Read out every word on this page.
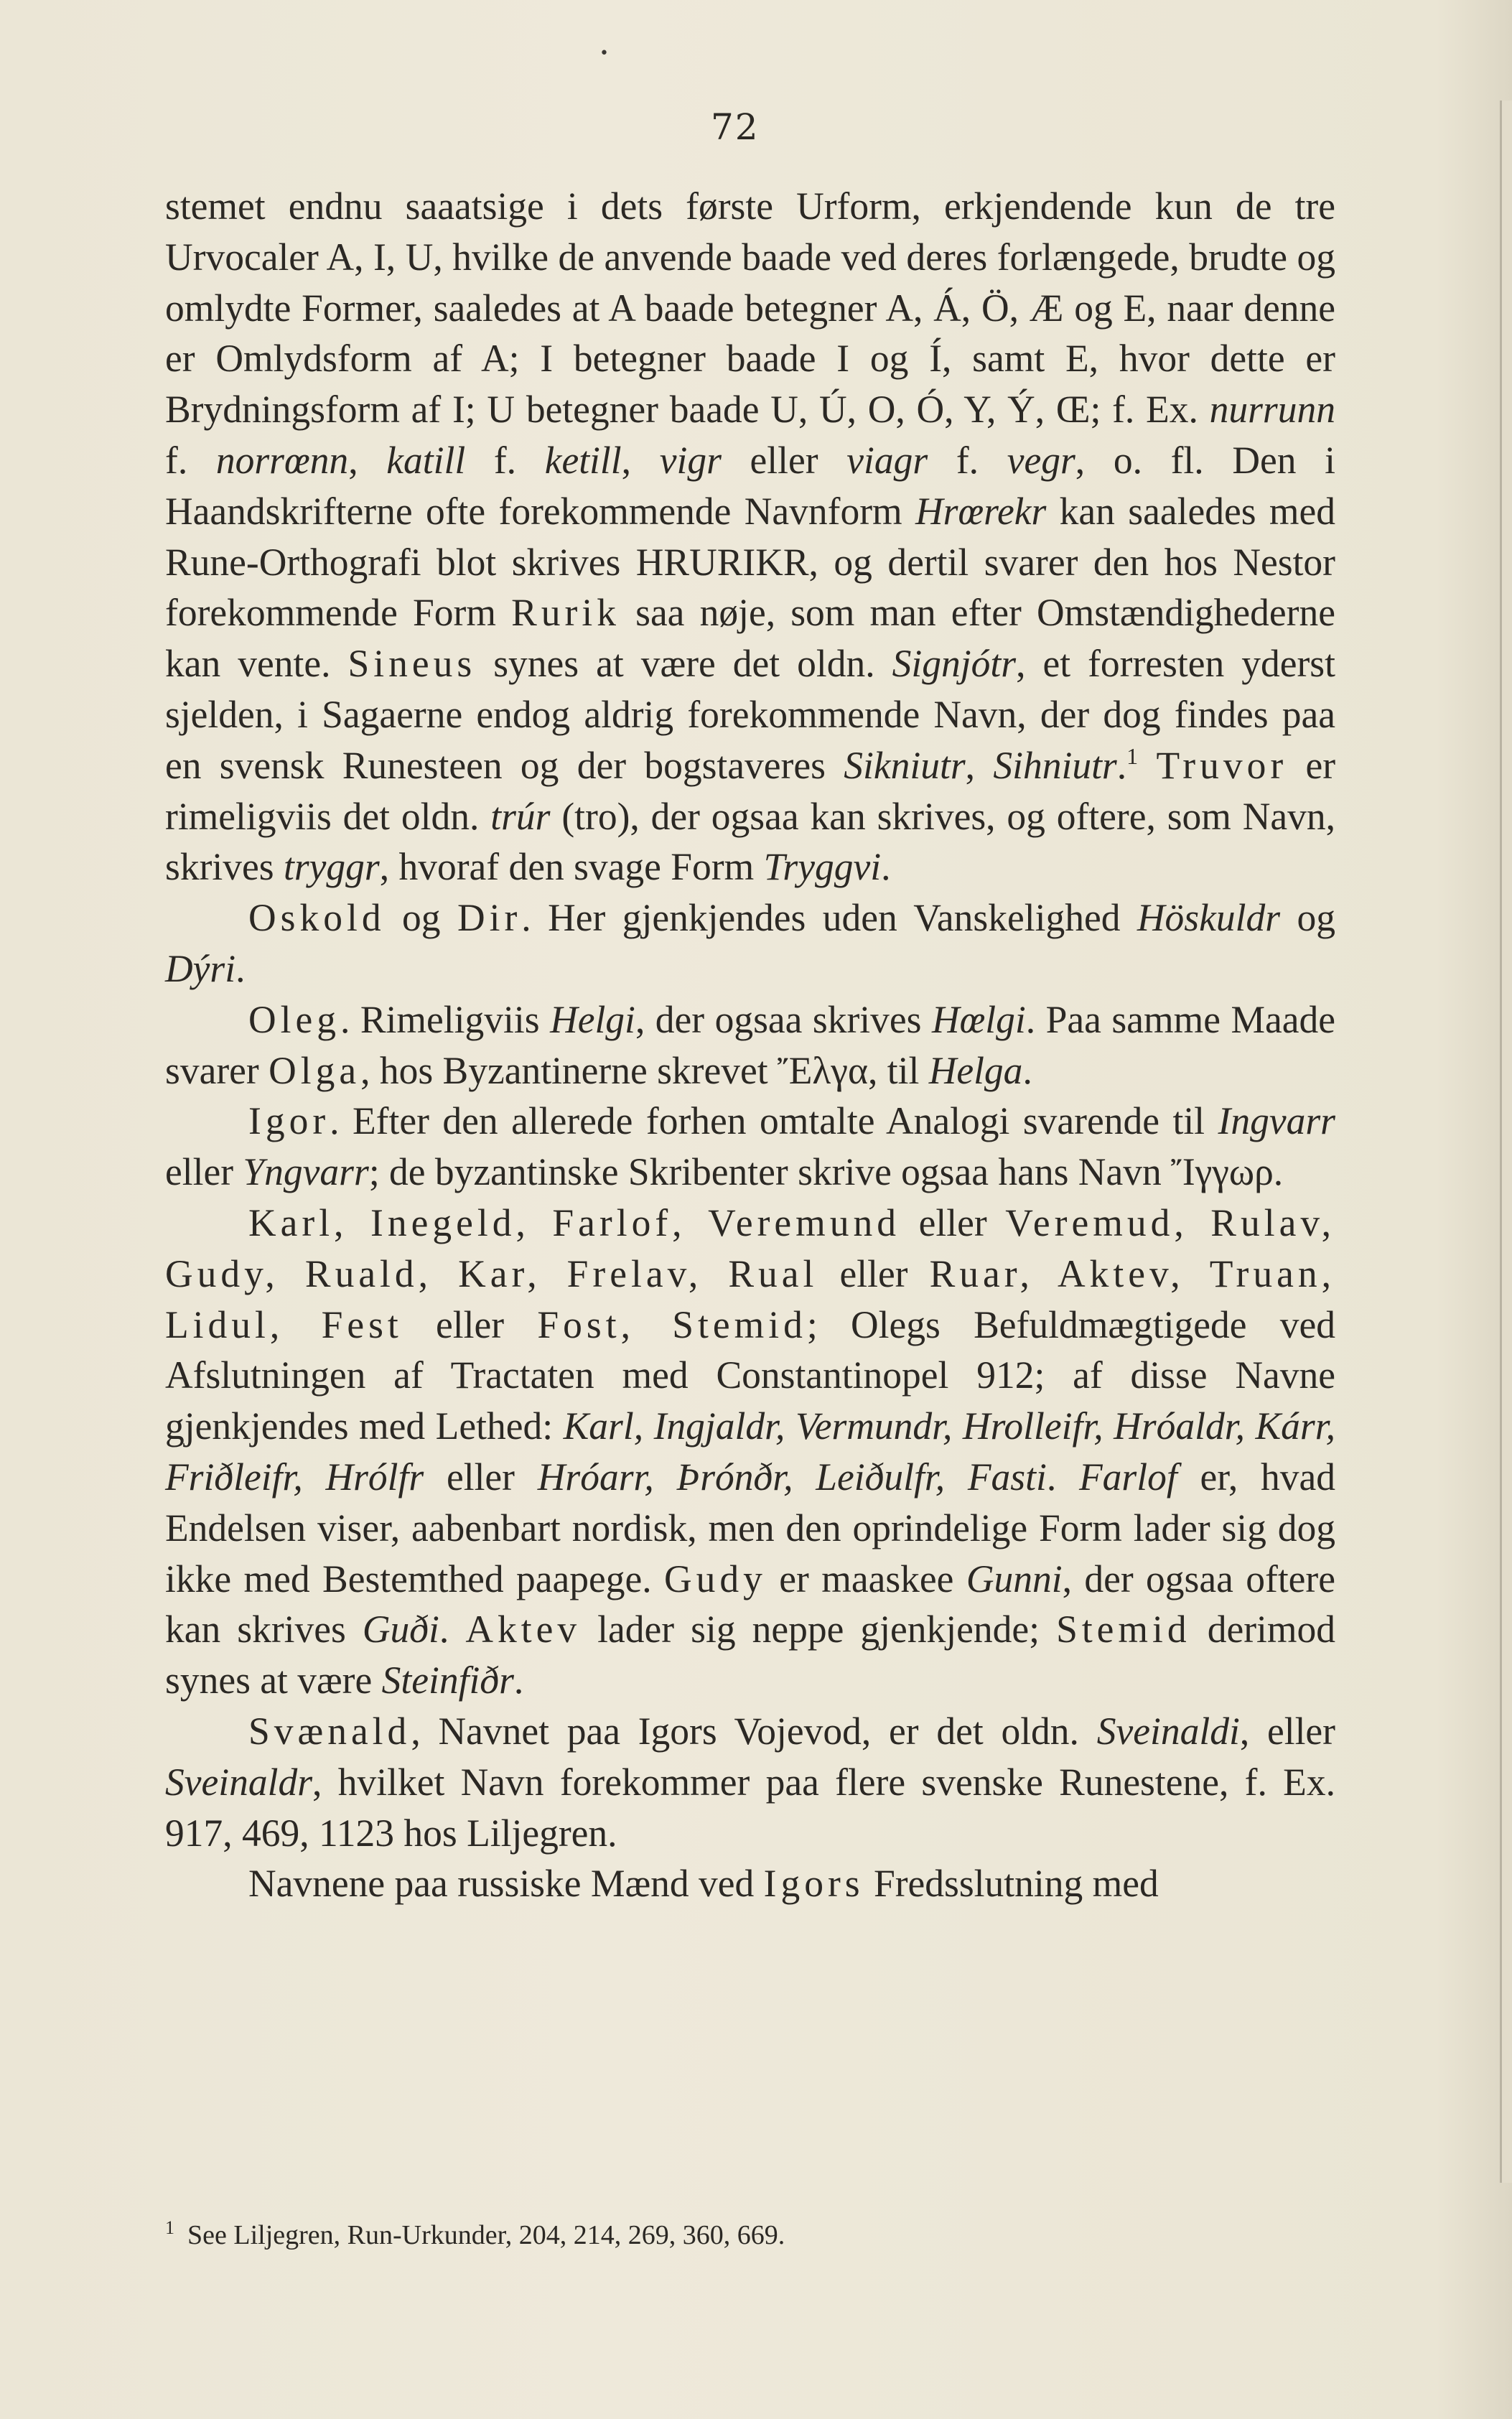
•
72

stemet endnu saaatsige i dets første Urform, erkjendende kun de tre Urvocaler A, I, U, hvilke de anvende baade ved deres forlængede, brudte og omlydte Former, saaledes at A baade betegner A, Á, Ö, Æ og E, naar denne er Omlydsform af A; I betegner baade I og Í, samt E, hvor dette er Brydningsform af I; U betegner baade U, Ú, O, Ó, Y, Ý, Œ; f. Ex. nurrunn f. norrœnn, katill f. ketill, vigr eller viagr f. vegr, o. fl. Den i Haandskrifterne ofte forekommende Navnform Hrœrekr kan saaledes med Rune-Orthografi blot skrives HRURIKR, og dertil svarer den hos Nestor forekommende Form Rurik saa nøje, som man efter Omstændighederne kan vente. Sineus synes at være det oldn. Signjótr, et forresten yderst sjelden, i Sagaerne endog aldrig forekommende Navn, der dog findes paa en svensk Runesteen og der bogstaveres Sikniutr, Sihniutr.$^1$ Truvor er rimeligviis det oldn. trúr (tro), der ogsaa kan skrives, og oftere, som Navn, skrives tryggr, hvoraf den svage Form Tryggvi.

Oskold og Dir. Her gjenkjendes uden Vanskelighed Höskuldr og Dýri.

Oleg. Rimeligviis Helgi, der ogsaa skrives Hœlgi. Paa samme Maade svarer Olga, hos Byzantinerne skrevet Ἔλγα, til Helga.

Igor. Efter den allerede forhen omtalte Analogi svarende til Ingvarr eller Yngvarr; de byzantinske Skribenter skrive ogsaa hans Navn Ἴγγωρ.

Karl, Inegeld, Farlof, Veremund eller Veremud, Rulav, Gudy, Ruald, Kar, Frelav, Rual eller Ruar, Aktev, Truan, Lidul, Fest eller Fost, Stemid; Olegs Befuldmægtigede ved Afslutningen af Tractaten med Constantinopel 912; af disse Navne gjenkjendes med Lethed: Karl, Ingjaldr, Vermundr, Hrolleifr, Hróaldr, Kárr, Friðleifr, Hrólfr eller Hróarr, Þrónðr, Leiðulfr, Fasti. Farlof er, hvad Endelsen viser, aabenbart nordisk, men den oprindelige Form lader sig dog ikke med Bestemthed paapege. Gudy er maaskee Gunni, der ogsaa oftere kan skrives Guði. Aktev lader sig neppe gjenkjende; Stemid derimod synes at være Steinfiðr.

Svænald, Navnet paa Igors Vojevod, er det oldn. Sveinaldi, eller Sveinaldr, hvilket Navn forekommer paa flere svenske Runestene, f. Ex. 917, 469, 1123 hos Liljegren.

Navnene paa russiske Mænd ved Igors Fredsslutning med

$^1$ See Liljegren, Run-Urkunder, 204, 214, 269, 360, 669.
